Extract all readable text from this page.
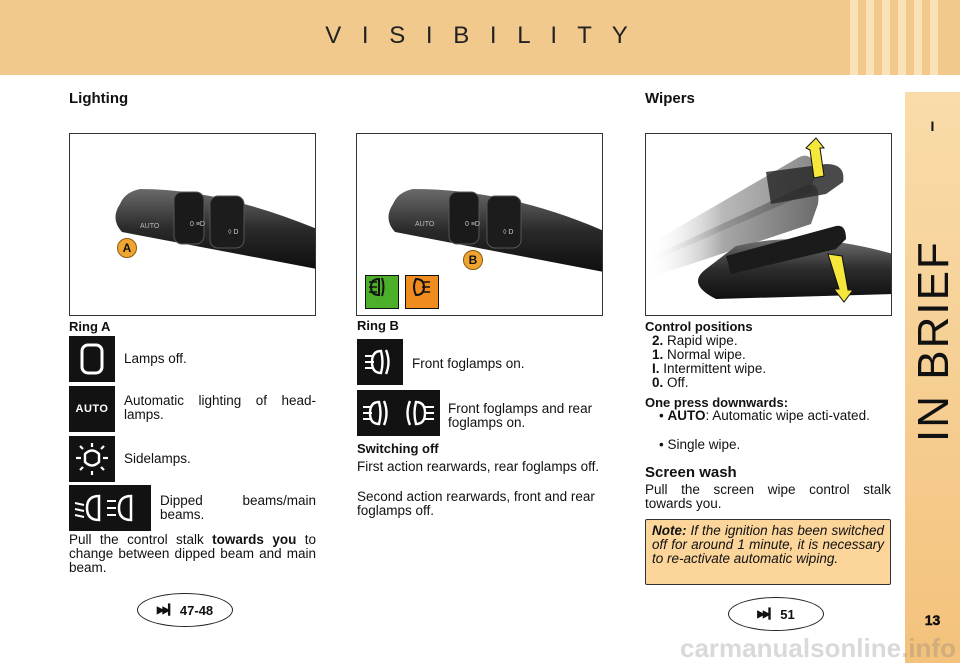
V I S I B I L I T Y
I
IN BRIEF
13
Lighting	Wipers
AUTO	0 ≡D
◊ D
A
AUTO	0 ≡D
◊ D
B
Ring A
Lamps off.
AUTO
Automatic lighting of head-lamps.
Sidelamps.
Dipped beams/main beams.
Pull the control stalk towards you to change between dipped beam and main beam.
Ring B
Front foglamps on.
Front foglamps and rear foglamps on.
Switching off
First action rearwards, rear foglamps off.
Second action rearwards, front and rear foglamps off.
Control positions
2. Rapid wipe.
1. Normal wipe.
I. Intermittent wipe.
0. Off.
One press downwards:
• AUTO: Automatic wipe acti-vated.
• Single wipe.
Screen wash
Pull the screen wipe control stalk towards you.
Note: If the ignition has been switched off for around 1 minute, it is necessary to re-activate automatic wiping.
▶▶▎ 47-48	▶▶▎ 51
carmanualsonline.info
